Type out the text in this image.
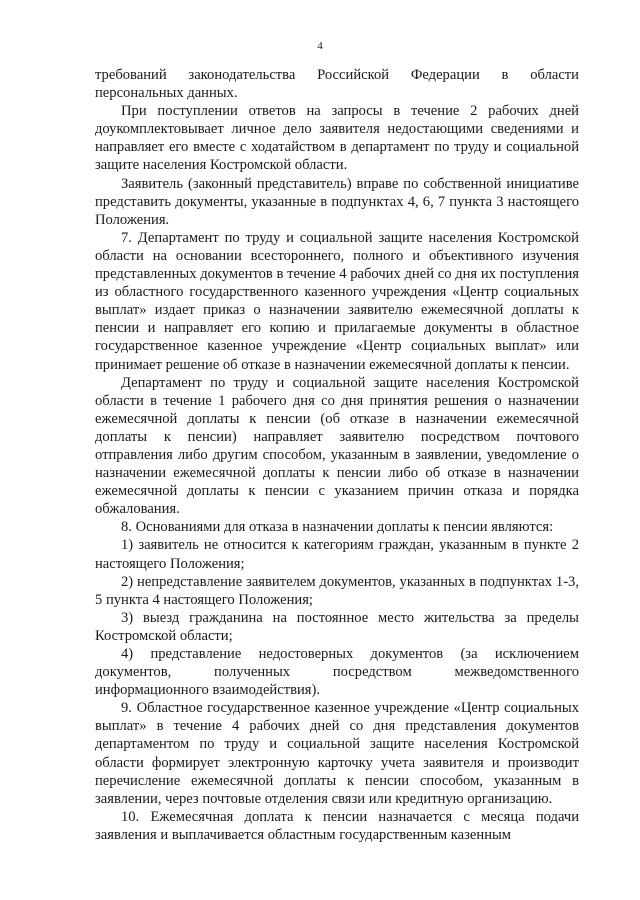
4

требований законодательства Российской Федерации в области персональных данных.

При поступлении ответов на запросы в течение 2 рабочих дней доукомплектовывает личное дело заявителя недостающими сведениями и направляет его вместе с ходатайством в департамент по труду и социальной защите населения Костромской области.

Заявитель (законный представитель) вправе по собственной инициативе представить документы, указанные в подпунктах 4, 6, 7 пункта 3 настоящего Положения.

7. Департамент по труду и социальной защите населения Костромской области на основании всестороннего, полного и объективного изучения представленных документов в течение 4 рабочих дней со дня их поступления из областного государственного казенного учреждения «Центр социальных выплат» издает приказ о назначении заявителю ежемесячной доплаты к пенсии и направляет его копию и прилагаемые документы в областное государственное казенное учреждение «Центр социальных выплат» или принимает решение об отказе в назначении ежемесячной доплаты к пенсии.

Департамент по труду и социальной защите населения Костромской области в течение 1 рабочего дня со дня принятия решения о назначении ежемесячной доплаты к пенсии (об отказе в назначении ежемесячной доплаты к пенсии) направляет заявителю посредством почтового отправления либо другим способом, указанным в заявлении, уведомление о назначении ежемесячной доплаты к пенсии либо об отказе в назначении ежемесячной доплаты к пенсии с указанием причин отказа и порядка обжалования.

8. Основаниями для отказа в назначении доплаты к пенсии являются:

1) заявитель не относится к категориям граждан, указанным в пункте 2 настоящего Положения;

2) непредставление заявителем документов, указанных в подпунктах 1-3, 5 пункта 4 настоящего Положения;

3) выезд гражданина на постоянное место жительства за пределы Костромской области;

4) представление недостоверных документов (за исключением документов, полученных посредством межведомственного информационного взаимодействия).

9. Областное государственное казенное учреждение «Центр социальных выплат» в течение 4 рабочих дней со дня представления документов департаментом по труду и социальной защите населения Костромской области формирует электронную карточку учета заявителя и производит перечисление ежемесячной доплаты к пенсии способом, указанным в заявлении, через почтовые отделения связи или кредитную организацию.

10. Ежемесячная доплата к пенсии назначается с месяца подачи заявления и выплачивается областным государственным казенным
